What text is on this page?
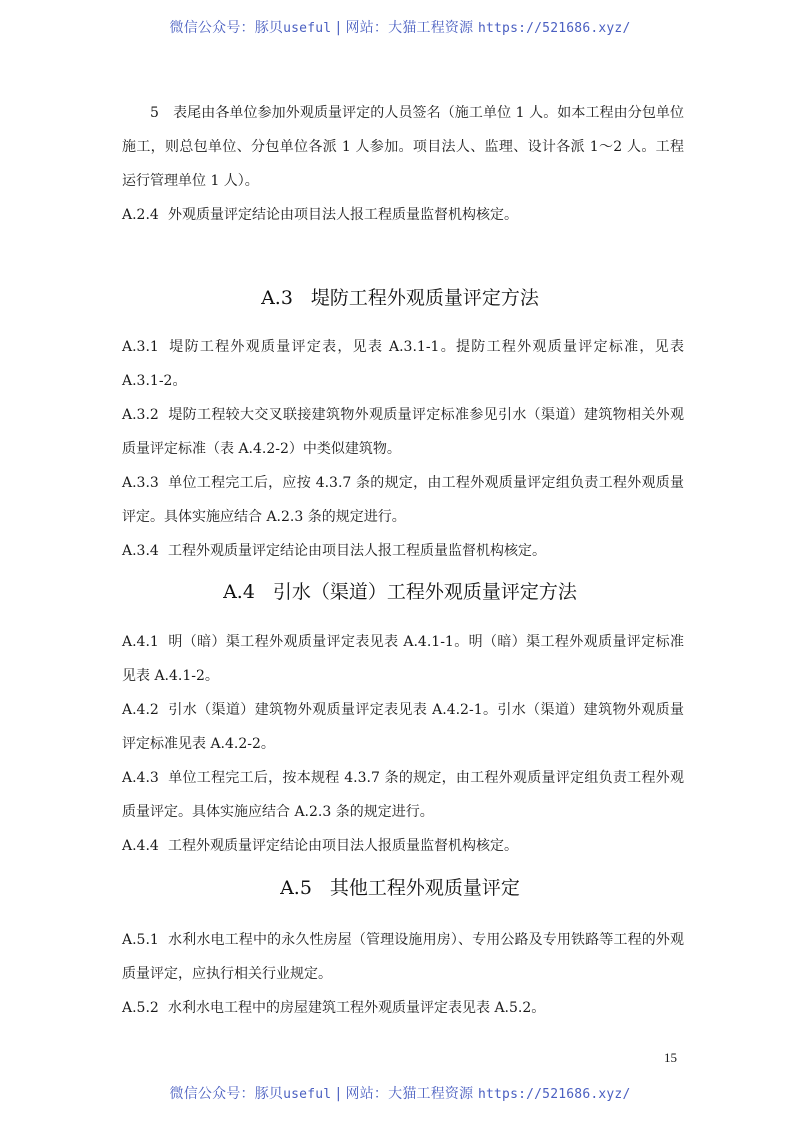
微信公众号：豚贝useful | 网站：大猫工程资源 https://521686.xyz/

5　表尾由各单位参加外观质量评定的人员签名（施工单位 1 人。如本工程由分包单位施工，则总包单位、分包单位各派 1 人参加。项目法人、监理、设计各派 1～2 人。工程运行管理单位 1 人）。

A.2.4 外观质量评定结论由项目法人报工程质量监督机构核定。

A.3 堤防工程外观质量评定方法

A.3.1 堤防工程外观质量评定表，见表 A.3.1-1。提防工程外观质量评定标准，见表 A.3.1-2。

A.3.2 堤防工程较大交叉联接建筑物外观质量评定标准参见引水（渠道）建筑物相关外观质量评定标准（表 A.4.2-2）中类似建筑物。

A.3.3 单位工程完工后，应按 4.3.7 条的规定，由工程外观质量评定组负责工程外观质量评定。具体实施应结合 A.2.3 条的规定进行。

A.3.4 工程外观质量评定结论由项目法人报工程质量监督机构核定。

A.4 引水（渠道）工程外观质量评定方法

A.4.1 明（暗）渠工程外观质量评定表见表 A.4.1-1。明（暗）渠工程外观质量评定标准见表 A.4.1-2。

A.4.2 引水（渠道）建筑物外观质量评定表见表 A.4.2-1。引水（渠道）建筑物外观质量评定标准见表 A.4.2-2。

A.4.3 单位工程完工后，按本规程 4.3.7 条的规定，由工程外观质量评定组负责工程外观质量评定。具体实施应结合 A.2.3 条的规定进行。

A.4.4 工程外观质量评定结论由项目法人报质量监督机构核定。

A.5 其他工程外观质量评定

A.5.1 水利水电工程中的永久性房屋（管理设施用房）、专用公路及专用铁路等工程的外观质量评定，应执行相关行业规定。

A.5.2 水利水电工程中的房屋建筑工程外观质量评定表见表 A.5.2。

15
微信公众号：豚贝useful | 网站：大猫工程资源 https://521686.xyz/
